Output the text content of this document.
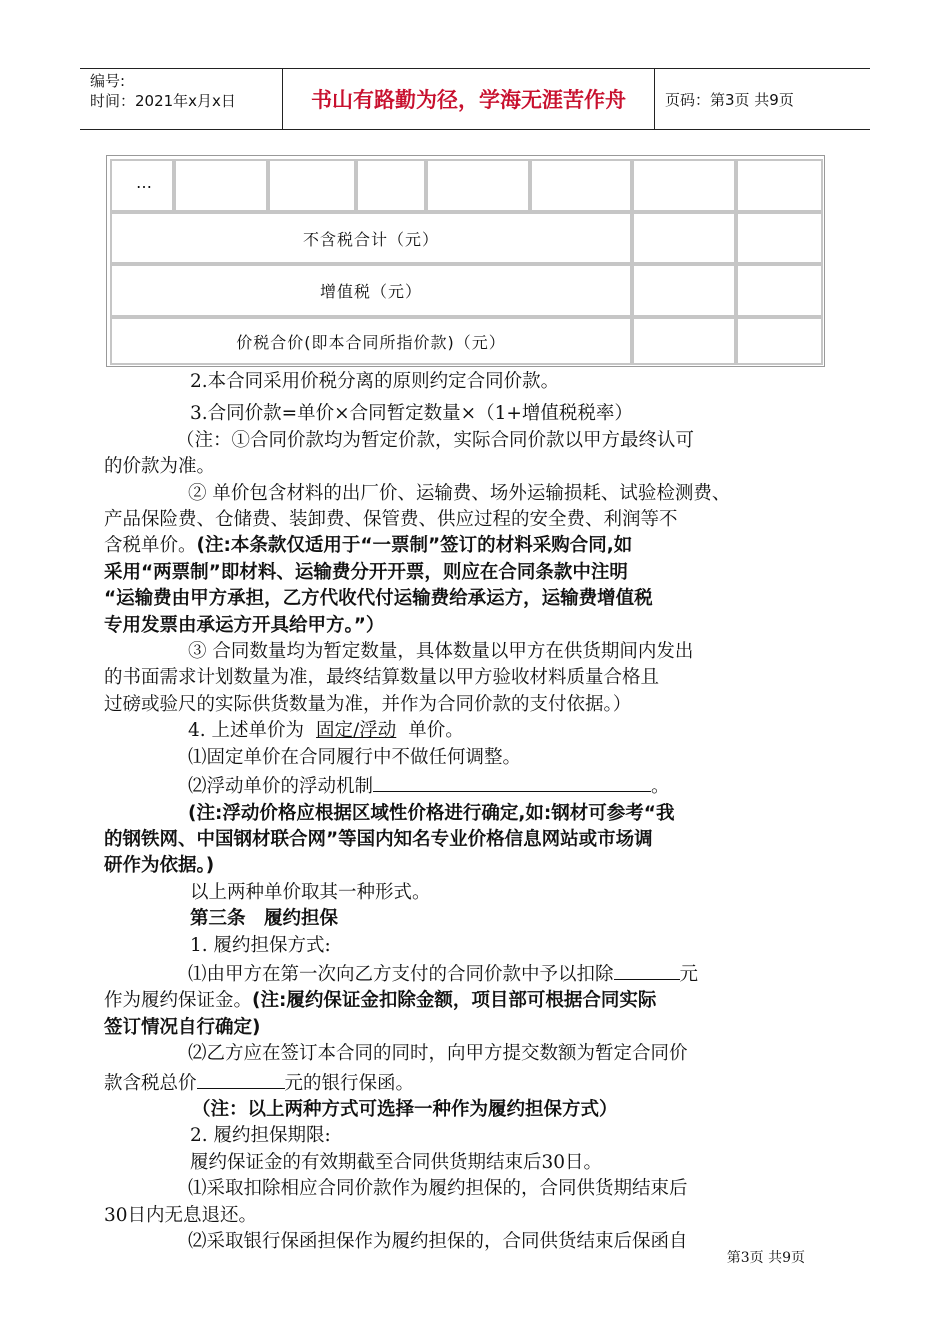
编号:
时间：2021年x月x日	书山有路勤为径，学海无涯苦作舟	页码：第3页 共9页
…
不含税合计（元）
增值税（元）
价税合价(即本合同所指价款)（元）

2.本合同采用价税分离的原则约定合同价款。

3.合同价款=单价×合同暂定数量×（1+增值税税率）

（注：①合同价款均为暂定价款，实际合同价款以甲方最终认可

的价款为准。

② 单价包含材料的出厂价、运输费、场外运输损耗、试验检测费、

产品保险费、仓储费、装卸费、保管费、供应过程的安全费、利润等不

含税单价。(注:本条款仅适用于“一票制”签订的材料采购合同,如

采用“两票制”即材料、运输费分开开票，则应在合同条款中注明

“运输费由甲方承担，乙方代收代付运输费给承运方，运输费增值税

专用发票由承运方开具给甲方。”）

③ 合同数量均为暂定数量，具体数量以甲方在供货期间内发出

的书面需求计划数量为准，最终结算数量以甲方验收材料质量合格且

过磅或验尺的实际供货数量为准，并作为合同价款的支付依据。）

4. 上述单价为 固定/浮动 单价。

⑴固定单价在合同履行中不做任何调整。

⑵浮动单价的浮动机制	。

(注:浮动价格应根据区域性价格进行确定,如:钢材可参考“我

的钢铁网、中国钢材联合网”等国内知名专业价格信息网站或市场调

研作为依据。)

以上两种单价取其一种形式。

第三条　履约担保

1. 履约担保方式:

⑴由甲方在第一次向乙方支付的合同价款中予以扣除	元

作为履约保证金。(注:履约保证金扣除金额，项目部可根据合同实际

签订情况自行确定)

⑵乙方应在签订本合同的同时，向甲方提交数额为暂定合同价

款含税总价	元的银行保函。

（注：以上两种方式可选择一种作为履约担保方式）

2. 履约担保期限:

履约保证金的有效期截至合同供货期结束后30日。

⑴采取扣除相应合同价款作为履约担保的，合同供货期结束后

30日内无息退还。

⑵采取银行保函担保作为履约担保的，合同供货结束后保函自

第3页 共9页
